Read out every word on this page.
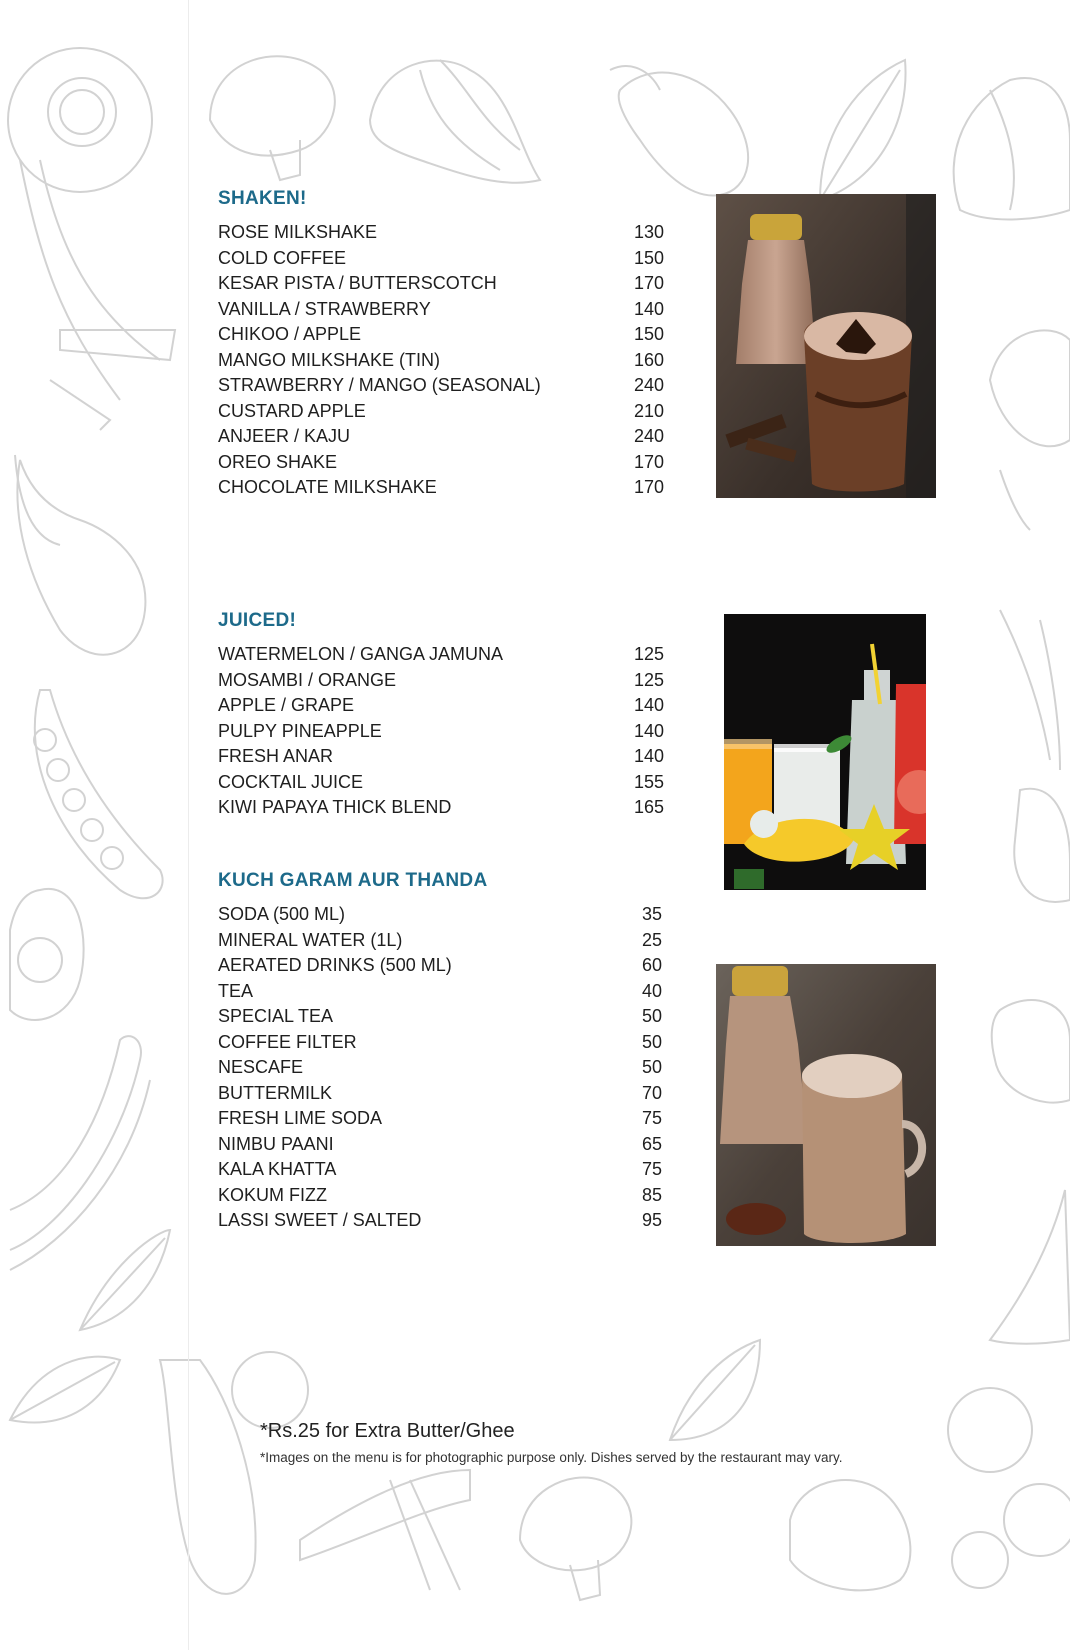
SHAKEN!
ROSE MILKSHAKE	130
COLD COFFEE	150
KESAR PISTA / BUTTERSCOTCH	170
VANILLA / STRAWBERRY	140
CHIKOO / APPLE	150
MANGO MILKSHAKE (TIN)	160
STRAWBERRY / MANGO (SEASONAL)	240
CUSTARD APPLE	210
ANJEER / KAJU	240
OREO SHAKE	170
CHOCOLATE MILKSHAKE	170
JUICED!
WATERMELON / GANGA JAMUNA	125
MOSAMBI / ORANGE	125
APPLE / GRAPE	140
PULPY PINEAPPLE	140
FRESH ANAR	140
COCKTAIL JUICE	155
KIWI PAPAYA THICK BLEND	165
KUCH GARAM AUR THANDA
SODA (500 ML)	35
MINERAL WATER (1L)	25
AERATED DRINKS (500 ML)	60
TEA	40
SPECIAL TEA	50
COFFEE FILTER	50
NESCAFE	50
BUTTERMILK	70
FRESH LIME SODA	75
NIMBU PAANI	65
KALA KHATTA	75
KOKUM FIZZ	85
LASSI SWEET / SALTED	95
*Rs.25 for Extra Butter/Ghee
*Images on the menu is for photographic purpose only. Dishes served by the restaurant may vary.
